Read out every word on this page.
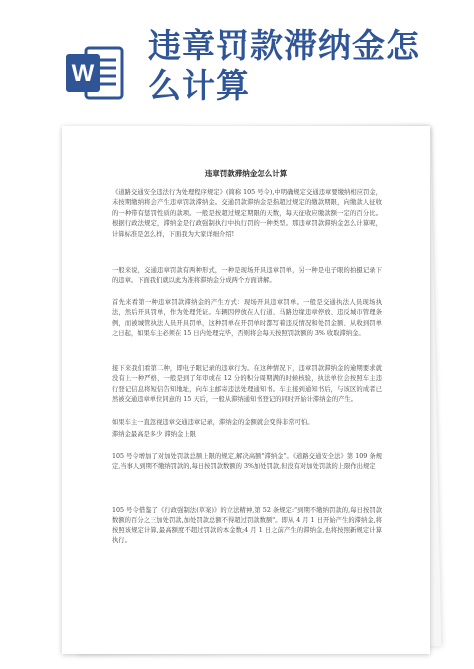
W
违章罚款滞纳金怎
么计算
违章罚款滞纳金怎么计算

《道路交通安全违法行为处理程序规定》(简称 105 号令),中明确规定交通违章要缴纳相应罚金，未按期缴纳将会产生违章罚款滞纳金。交通罚款滞纳金是指超过规定的缴款期限，向缴款人征收的一种带有惩罚性质的款项。一般是按超过规定期限的天数，每天征收应缴款额一定的百分比。根据行政法规定，滞纳金是行政强制执行中执行罚的一种类型。那违章罚款滞纳金怎么计算呢，计算标准是怎么样，下面我为大家详细介绍!

一般来说，交通违章罚款有两种形式，一种是现场开具违章罚单，另一种是电子眼的拍摄记录下的违章。下面我们就以此为准将滞纳金分成两个方面讲解。

首先来看第一种违章罚款滞纳金的产生方式：现场开具违章罚单。一般是交通执法人员现场执法，然后开具罚单，作为处理凭证。车辆因停放在人行道、马路边缘违章停放、违反城市管理条例，而被城管执法人员开具罚单，这种罚单在开罚单时都写着违反情况和处罚金额、从收到罚单之日起，如果车主必须在 15 日内处理完毕，否则将会每天按照罚款额的 3% 收取滞纳金。

接下来我们看第二种，即电子眼记录的违章行为。在这种情况下，违章罚款滞纳金的逾期要求就没有上一种严格，一般是到了年审或在 12 分的积分周期满的时候核验，执法单位会按照车主违行登记信息将短信告知地址，向车主邮寄违法处理通知书。车主接到通知书后，与该区的成者已然被交通违章单位同意的 15 天后，一般从滞纳通知书登记的同时开始计滞纳金的产生。

如果车主一直忽视违章交通违章记录，滞纳金的金额就会变得非常可怕。

滞纳金最高是多少 滞纳金上限

105 号令增加了对加处罚款总额上限的规定,解决高额"滞纳金"。《道路交通安全法》第 109 条规定,当事人到期不缴纳罚款的,每日按罚款数额的 3%加处罚款,但没有对加处罚款的上限作出规定

105 号令借鉴了《行政强制法(草案)》的立法精神,第 52 条规定:"到期不缴纳罚款的,每日按罚款数额的百分之三加处罚款,加处罚款总额不得超过罚款数额"。即从 4 月 1 日开始产生的滞纳金,将按照该规定计算,最高额度不超过罚款的本金数;4 月 1 日之前产生的滞纳金,也将按照新规定计算执行。
